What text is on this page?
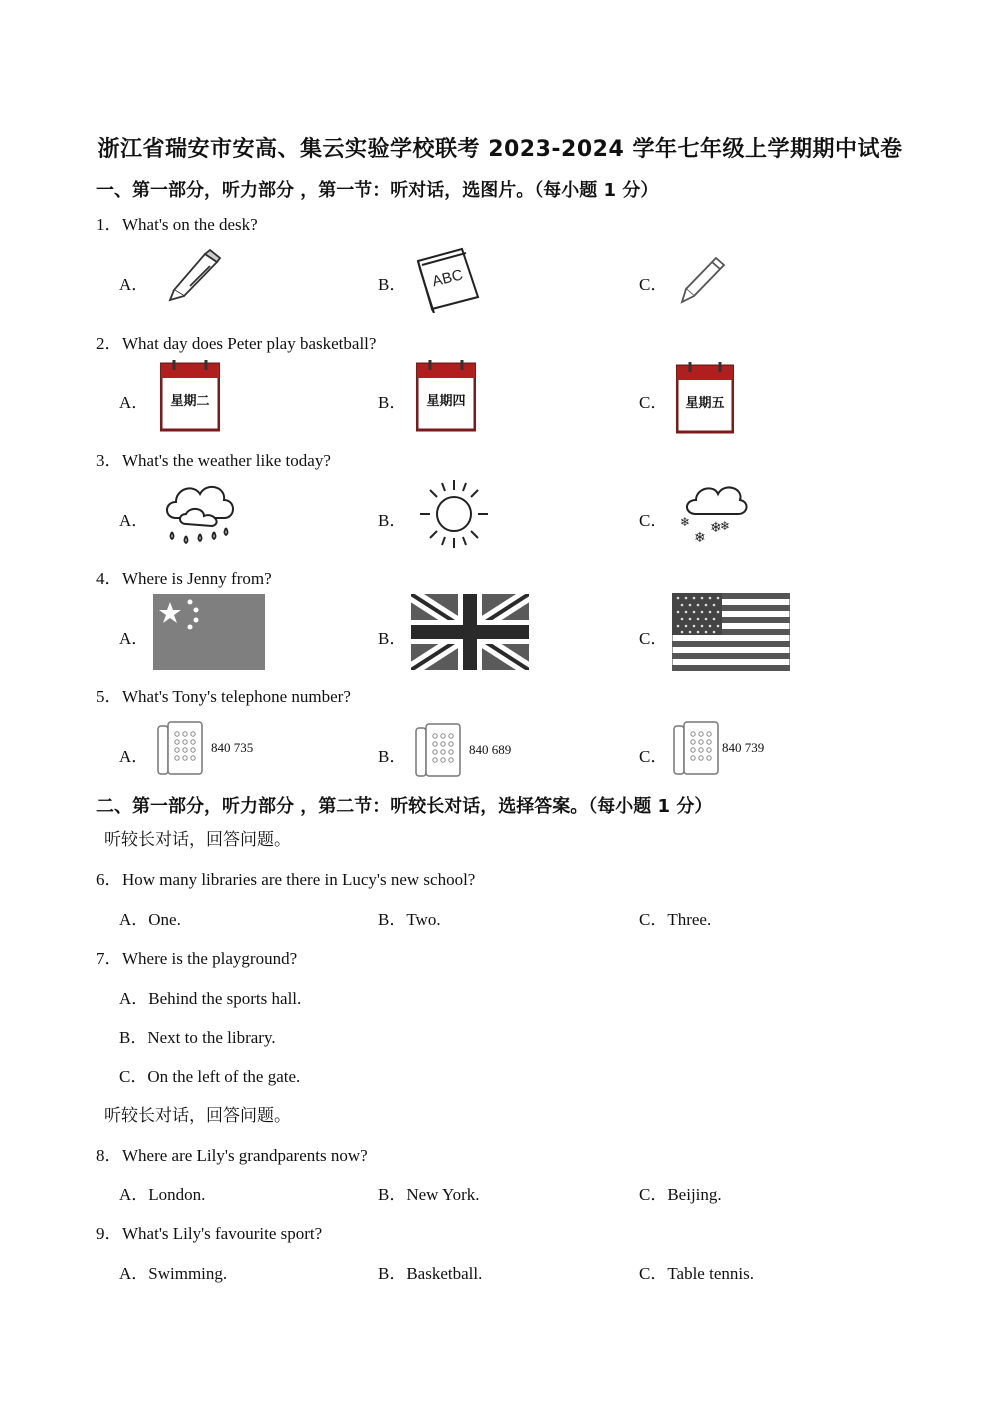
浙江省瑞安市安高、集云实验学校联考 2023-2024 学年七年级上学期期中试卷
一、第一部分，听力部分 ，第一节：听对话，选图片。（每小题 1 分）
1．What's on the desk?
A．	B． ABC	C．
2．What day does Peter play basketball?
A．	星期二	B．	星期四	C．	星期五
3．What's the weather like today?
A．	B．	C． ❄
❄
❄
❄
4．Where is Jenny from?
A．	B．	C．
5．What's Tony's telephone number?
A．	840 735	B．	840 689	C．	840 739
二、第一部分，听力部分 ，第二节：听较长对话，选择答案。（每小题 1 分）
听较长对话，回答问题。
6．How many libraries are there in Lucy's new school?
A．One.	B．Two.	C．Three.
7．Where is the playground?
A．Behind the sports hall.
B．Next to the library.
C．On the left of the gate.
听较长对话，回答问题。
8．Where are Lily's grandparents now?
A．London.	B．New York.	C．Beijing.
9．What's Lily's favourite sport?
A．Swimming.	B．Basketball.	C．Table tennis.
